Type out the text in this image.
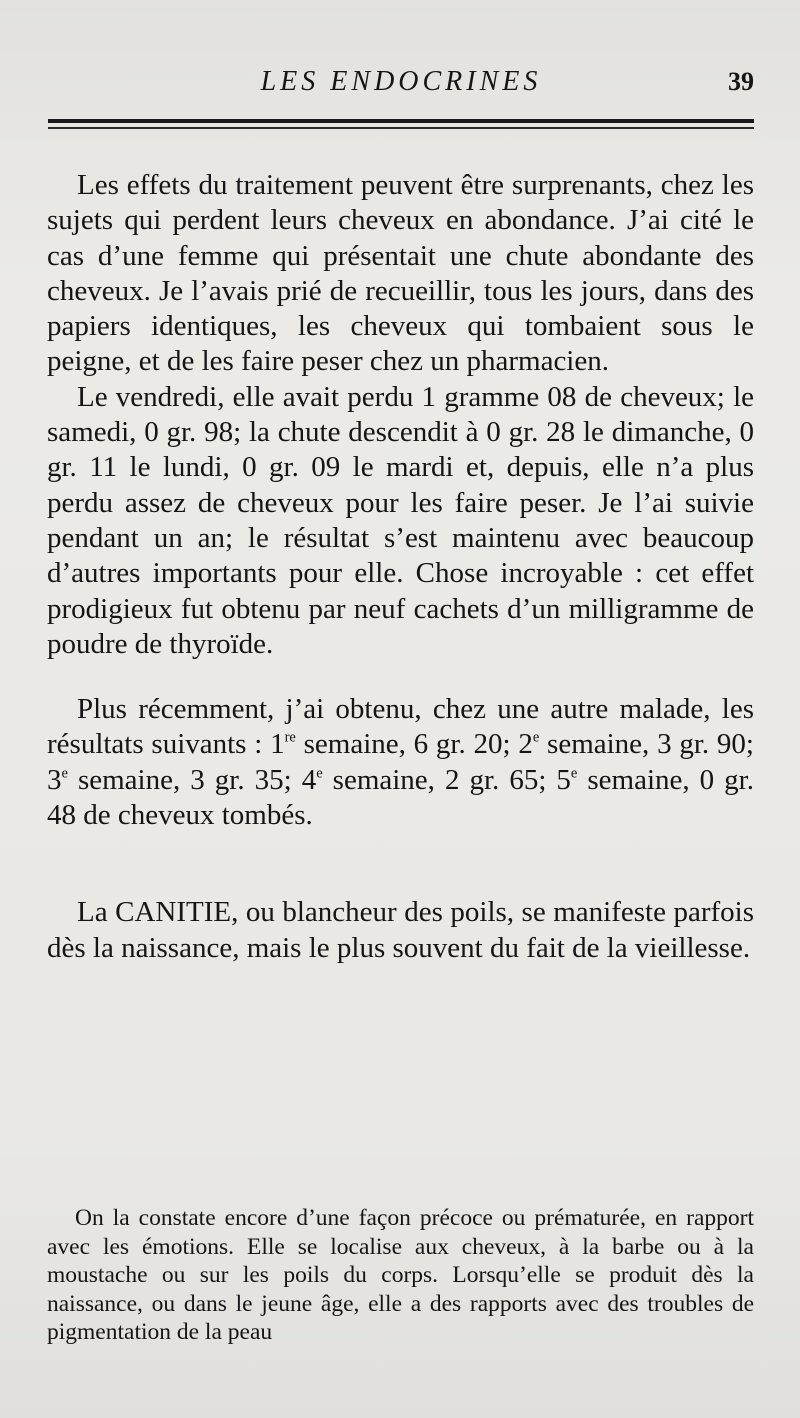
LES ENDOCRINES	39

Les effets du traitement peuvent être surprenants, chez les sujets qui perdent leurs cheveux en abondance. J’ai cité le cas d’une femme qui présentait une chute abondante des cheveux. Je l’avais prié de recueillir, tous les jours, dans des papiers identiques, les cheveux qui tombaient sous le peigne, et de les faire peser chez un pharmacien.

Le vendredi, elle avait perdu 1 gramme 08 de cheveux; le samedi, 0 gr. 98; la chute descendit à 0 gr. 28 le dimanche, 0 gr. 11 le lundi, 0 gr. 09 le mardi et, depuis, elle n’a plus perdu assez de cheveux pour les faire peser. Je l’ai suivie pendant un an; le résultat s’est maintenu avec beaucoup d’autres importants pour elle. Chose incroyable : cet effet prodigieux fut obtenu par neuf cachets d’un milligramme de poudre de thyroïde.

Plus récemment, j’ai obtenu, chez une autre malade, les résultats suivants : 1re semaine, 6 gr. 20; 2e semaine, 3 gr. 90; 3e semaine, 3 gr. 35; 4e semaine, 2 gr. 65; 5e semaine, 0 gr. 48 de cheveux tombés.

La CANITIE, ou blancheur des poils, se manifeste parfois dès la naissance, mais le plus souvent du fait de la vieillesse.

On la constate encore d’une façon précoce ou prématurée, en rapport avec les émotions. Elle se localise aux cheveux, à la barbe ou à la moustache ou sur les poils du corps. Lorsqu’elle se produit dès la naissance, ou dans le jeune âge, elle a des rapports avec des troubles de pigmentation de la peau
